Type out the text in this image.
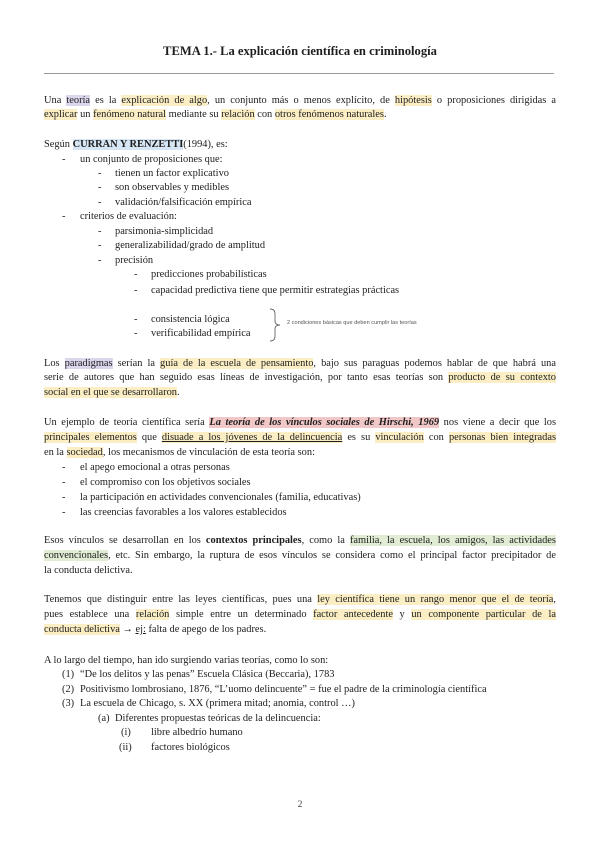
TEMA 1.- La explicación científica en criminología
Una teoría es la explicación de algo, un conjunto más o menos explícito, de hipótesis o proposiciones dirigidas a
explicar un fenómeno natural mediante su relación con otros fenómenos naturales.
Según CURRAN Y RENZETTI(1994), es:
- un conjunto de proposiciones que:
- tienen un factor explicativo
- son observables y medibles
- validación/falsificación empírica
- criterios de evaluación:
- parsimonia-simplicidad
- generalizabilidad/grado de amplitud
- precisión
- predicciones probabilísticas
- capacidad predictiva tiene que permitir estrategias prácticas
- consistencia lógica
- verificabilidad empírica
2 condiciones básicas que deben cumplir las teorías
Los paradigmas serían la guía de la escuela de pensamiento, bajo sus paraguas podemos hablar de que habrá una
serie de autores que han seguido esas líneas de investigación, por tanto esas teorías son producto de su contexto
social en el que se desarrollaron.
Un ejemplo de teoría científica sería La teoría de los vínculos sociales de Hirschi, 1969 nos viene a decir que los
principales elementos que disuade a los jóvenes de la delincuencia es su vinculación con personas bien integradas
en la sociedad, los mecanismos de vinculación de esta teoría son:
- el apego emocional a otras personas
- el compromiso con los objetivos sociales
- la participación en actividades convencionales (familia, educativas)
- las creencias favorables a los valores establecidos
Esos vínculos se desarrollan en los contextos principales, como la familia, la escuela, los amigos, las actividades
convencionales, etc. Sin embargo, la ruptura de esos vínculos se considera como el principal factor precipitador de
la conducta delictiva.
Tenemos que distinguir entre las leyes científicas, pues una ley científica tiene un rango menor que el de teoría,
pues establece una relación simple entre un determinado factor antecedente y un componente particular de la
conducta delictiva → ej: falta de apego de los padres.
A lo largo del tiempo, han ido surgiendo varias teorías, como lo son:
(1) “De los delitos y las penas” Escuela Clásica (Beccaria), 1783
(2) Positivismo lombrosiano, 1876, “L’uomo delincuente” = fue el padre de la criminología científica
(3) La escuela de Chicago, s. XX (primera mitad; anomia, control …)
(a) Diferentes propuestas teóricas de la delincuencia:
(i) libre albedrío humano
(ii) factores biológicos
2
